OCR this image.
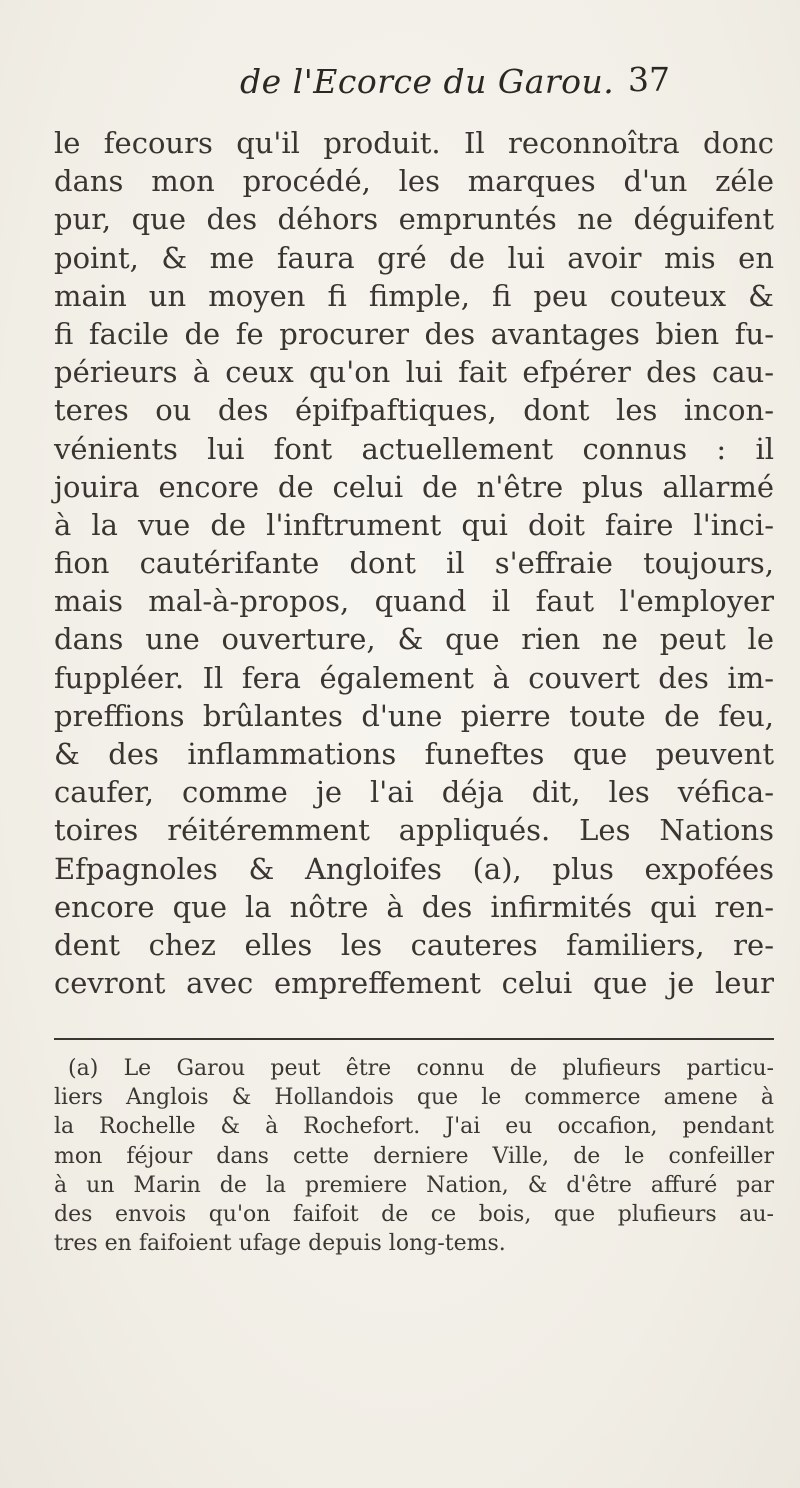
de l'Ecorce du Garou. 37
le fecours qu'il produit. Il reconnoîtra donc
dans mon procédé, les marques d'un zéle
pur, que des déhors empruntés ne déguifent
point, & me faura gré de lui avoir mis en
main un moyen fi fimple, fi peu couteux &
fi facile de fe procurer des avantages bien fu-
périeurs à ceux qu'on lui fait efpérer des cau-
teres ou des épifpaftiques, dont les incon-
vénients lui font actuellement connus : il
jouira encore de celui de n'être plus allarmé
à la vue de l'inftrument qui doit faire l'inci-
fion cautérifante dont il s'effraie toujours,
mais mal-à-propos, quand il faut l'employer
dans une ouverture, & que rien ne peut le
fuppléer. Il fera également à couvert des im-
preffions brûlantes d'une pierre toute de feu,
& des inflammations funeftes que peuvent
caufer, comme je l'ai déja dit, les véfica-
toires réitéremment appliqués. Les Nations
Efpagnoles & Angloifes (a), plus expofées
encore que la nôtre à des infirmités qui ren-
dent chez elles les cauteres familiers, re-
cevront avec empreffement celui que je leur
(a) Le Garou peut être connu de plufieurs particu-
liers Anglois & Hollandois que le commerce amene à
la Rochelle & à Rochefort. J'ai eu occafion, pendant
mon féjour dans cette derniere Ville, de le confeiller
à un Marin de la premiere Nation, & d'être affuré par
des envois qu'on faifoit de ce bois, que plufieurs au-
tres en faifoient ufage depuis long-tems.
